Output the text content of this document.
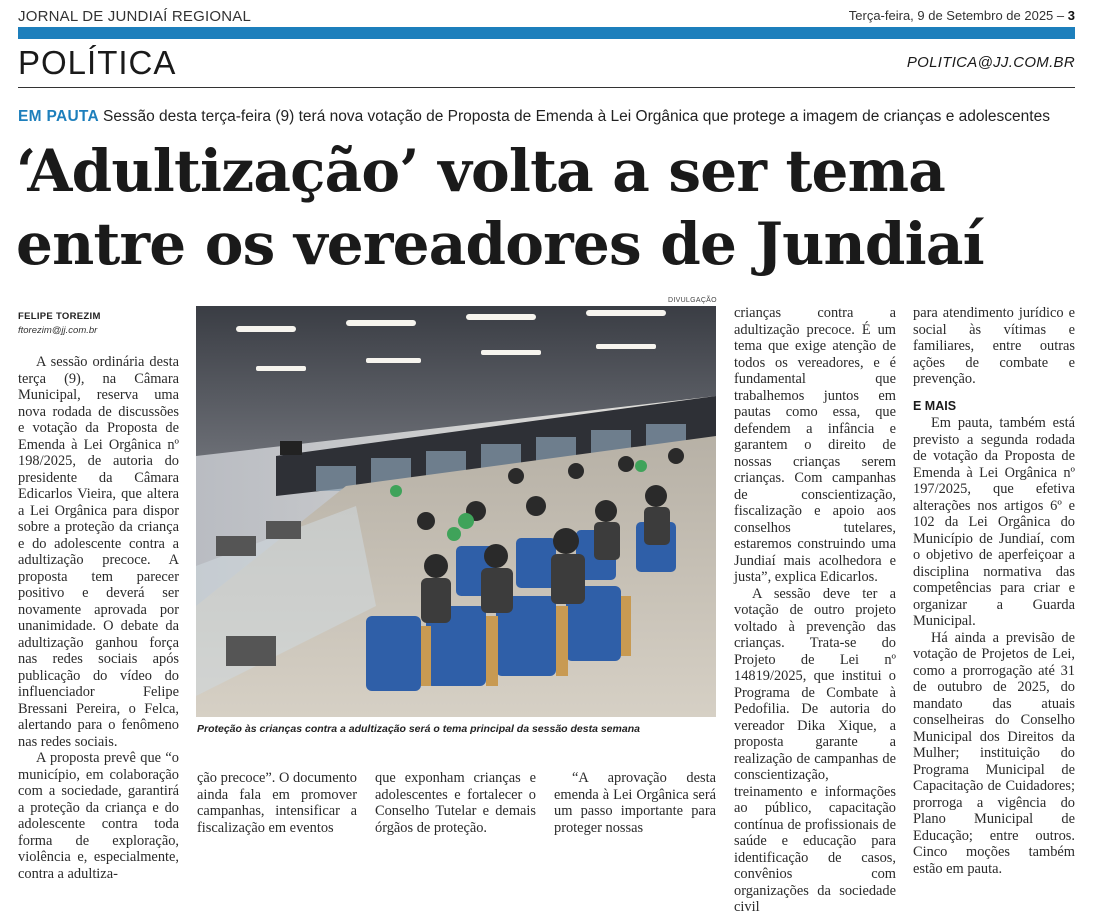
JORNAL DE JUNDIAÍ REGIONAL	Terça-feira, 9 de Setembro de 2025 – 3
POLÍTICA	POLITICA@JJ.COM.BR
EM PAUTA Sessão desta terça-feira (9) terá nova votação de Proposta de Emenda à Lei Orgânica que protege a imagem de crianças e adolescentes
‘Adultização’ volta a ser tema
entre os vereadores de Jundiaí
FELIPE TOREZIM
ftorezim@jj.com.br

A sessão ordinária desta terça (9), na Câmara Municipal, reserva uma nova rodada de discussões e votação da Proposta de Emenda à Lei Orgânica nº 198/2025, de autoria do presidente da Câmara Edicarlos Vieira, que altera a Lei Orgânica para dispor sobre a proteção da criança e do adolescente contra a adultização precoce. A proposta tem parecer positivo e deverá ser novamente aprovada por unanimidade. O debate da adultização ganhou força nas redes sociais após publicação do vídeo do influenciador Felipe Bressani Pereira, o Felca, alertando para o fenômeno nas redes sociais.

A proposta prevê que “o município, em colaboração com a sociedade, garantirá a proteção da criança e do adolescente contra toda forma de exploração, violência e, especialmente, contra a adultiza-

DIVULGAÇÃO
Proteção às crianças contra a adultização será o tema principal da sessão desta semana

ção precoce”. O documento ainda fala em promover campanhas, intensificar a fiscalização em eventos

que exponham crianças e adolescentes e fortalecer o Conselho Tutelar e demais órgãos de proteção.

“A aprovação desta emenda à Lei Orgânica será um passo importante para proteger nossas

crianças contra a adultização precoce. É um tema que exige atenção de todos os vereadores, e é fundamental que trabalhemos juntos em pautas como essa, que defendem a infância e garantem o direito de nossas crianças serem crianças. Com campanhas de conscientização, fiscalização e apoio aos conselhos tutelares, estaremos construindo uma Jundiaí mais acolhedora e justa”, explica Edicarlos.

A sessão deve ter a votação de outro projeto voltado à prevenção das crianças. Trata-se do Projeto de Lei nº 14819/2025, que institui o Programa de Combate à Pedofilia. De autoria do vereador Dika Xique, a proposta garante a realização de campanhas de conscientização, treinamento e informações ao público, capacitação contínua de profissionais de saúde e educação para identificação de casos, convênios com organizações da sociedade civil

para atendimento jurídico e social às vítimas e familiares, entre outras ações de combate e prevenção.

E MAIS

Em pauta, também está previsto a segunda rodada de votação da Proposta de Emenda à Lei Orgânica nº 197/2025, que efetiva alterações nos artigos 6º e 102 da Lei Orgânica do Município de Jundiaí, com o objetivo de aperfeiçoar a disciplina normativa das competências para criar e organizar a Guarda Municipal.

Há ainda a previsão de votação de Projetos de Lei, como a prorrogação até 31 de outubro de 2025, do mandato das atuais conselheiras do Conselho Municipal dos Direitos da Mulher; instituição do Programa Municipal de Capacitação de Cuidadores; prorroga a vigência do Plano Municipal de Educação; entre outros. Cinco moções também estão em pauta.
